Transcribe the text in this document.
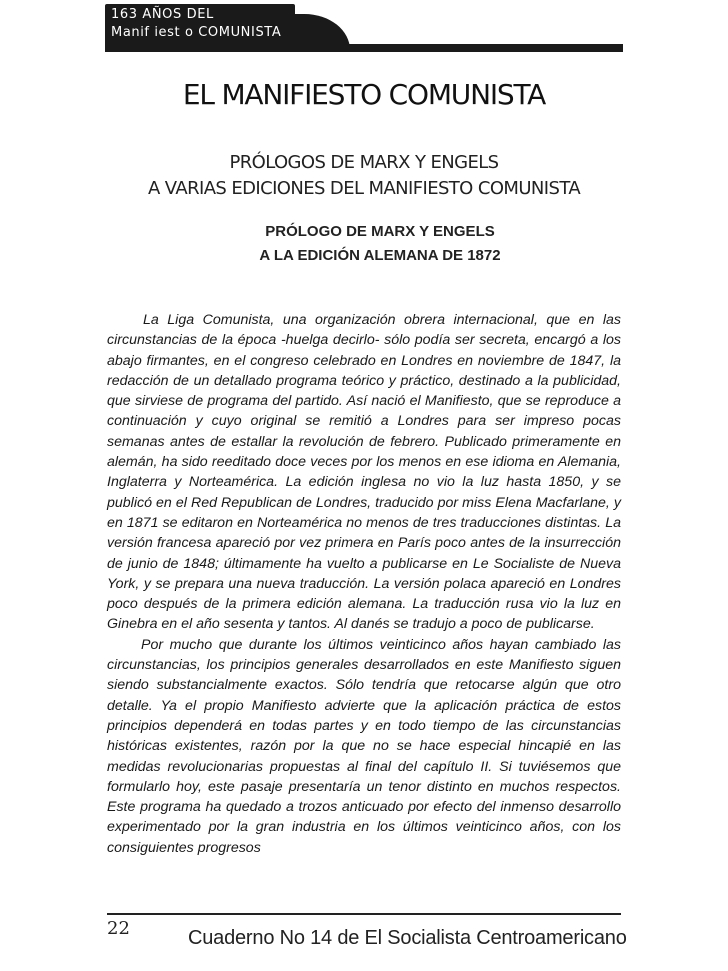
163 AÑOS DEL
Manif iest o COMUNISTA
EL MANIFIESTO COMUNISTA
PRÓLOGOS DE MARX Y ENGELS
A VARIAS EDICIONES DEL MANIFIESTO COMUNISTA
PRÓLOGO DE MARX Y ENGELS
A LA EDICIÓN ALEMANA DE 1872

La Liga Comunista, una organización obrera internacional, que en las circunstancias de la época -huelga decirlo- sólo podía ser secreta, encargó a los abajo firmantes, en el congreso celebrado en Londres en noviembre de 1847, la redacción de un detallado programa teórico y práctico, destinado a la publicidad, que sirviese de programa del partido. Así nació el Manifiesto, que se reproduce a continuación y cuyo original se remitió a Londres para ser impreso pocas semanas antes de estallar la revolución de febrero. Publicado primeramente en alemán, ha sido reeditado doce veces por los menos en ese idioma en Alemania, Inglaterra y Norteamérica. La edición inglesa no vio la luz hasta 1850, y se publicó en el Red Republican de Londres, traducido por miss Elena Macfarlane, y en 1871 se editaron en Norteamérica no menos de tres traducciones distintas. La versión francesa apareció por vez primera en París poco antes de la insurrección de junio de 1848; últimamente ha vuelto a publicarse en Le Socialiste de Nueva York, y se prepara una nueva traducción. La versión polaca apareció en Londres poco después de la primera edición alemana. La traducción rusa vio la luz en Ginebra en el año sesenta y tantos. Al danés se tradujo a poco de publicarse.

Por mucho que durante los últimos veinticinco años hayan cambiado las circunstancias, los principios generales desarrollados en este Manifiesto siguen siendo substancialmente exactos. Sólo tendría que retocarse algún que otro detalle. Ya el propio Manifiesto advierte que la aplicación práctica de estos principios dependerá en todas partes y en todo tiempo de las circunstancias históricas existentes, razón por la que no se hace especial hincapié en las medidas revolucionarias propuestas al final del capítulo II. Si tuviésemos que formularlo hoy, este pasaje presentaría un tenor distinto en muchos respectos. Este programa ha quedado a trozos anticuado por efecto del inmenso desarrollo experimentado por la gran industria en los últimos veinticinco años, con los consiguientes progresos

22	Cuaderno No 14 de El Socialista Centroamericano
